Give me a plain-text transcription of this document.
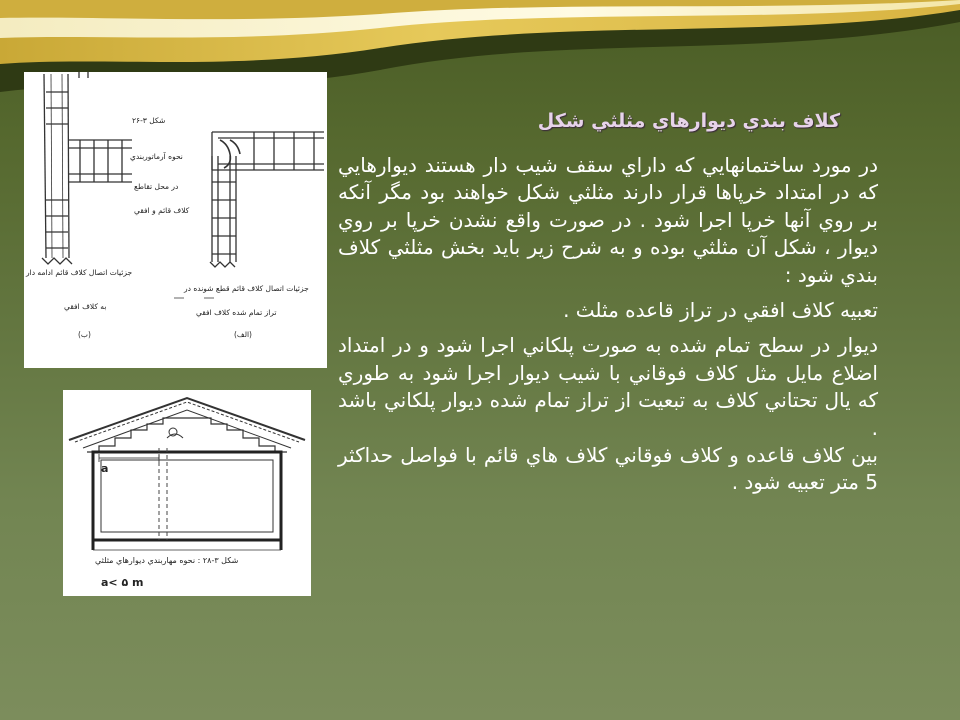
كلاف بندي ديوارهاي مثلثي شكل

در مورد ساختمانهايي كه داراي سقف شيب دار هستند ديوارهايي كه در امتداد خرپاها قرار دارند مثلثي شكل خواهند بود مگر آنكه بر روي آنها خرپا اجرا شود . در صورت واقع نشدن خرپا بر روي ديوار ، شكل آن مثلثي بوده و به شرح زير بايد بخش مثلثي كلاف بندي شود :

تعبيه كلاف افقي در تراز قاعده مثلث .

ديوار در سطح تمام شده به صورت پلكاني اجرا شود و در امتداد اضلاع مايل مثل كلاف فوقاني با شيب ديوار اجرا شود به طوري كه يال تحتاني كلاف به تبعيت از تراز تمام شده ديوار پلكاني باشد .

بين كلاف قاعده و كلاف فوقاني كلاف هاي قائم با فواصل حداكثر 5 متر تعبيه شود .

شكل ۳-۲۶
نحوه آرماتوربندي
در محل تقاطع
كلاف قائم و افقي
جزئيات اتصال كلاف قائم ادامه دار
به كلاف افقي
(ب)
جزئيات اتصال كلاف قائم قطع شونده در
تراز تمام شده كلاف افقي
(الف)
a
شكل ۳-۲۸ : نحوه مهاربندي ديوارهاي مثلثي
a< ۵ m
